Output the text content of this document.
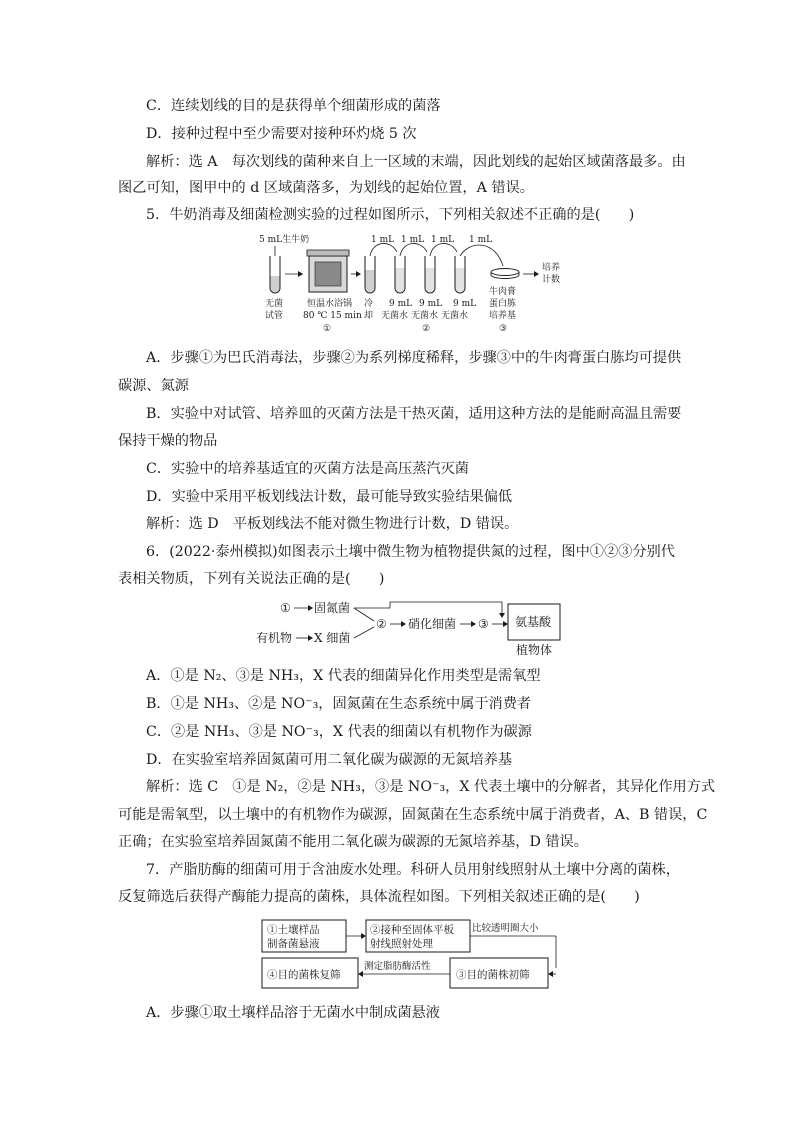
C．连续划线的目的是获得单个细菌形成的菌落
D．接种过程中至少需要对接种环灼烧 5 次
解析：选 A　每次划线的菌种来自上一区域的末端，因此划线的起始区域菌落最多。由
图乙可知，图甲中的 d 区域菌落多，为划线的起始位置，A 错误。
5．牛奶消毒及细菌检测实验的过程如图所示，下列相关叙述不正确的是(　　)
5 mL生牛奶
无菌
试管
恒温水浴锅
80 ℃ 15 min
①
冷
却
1 mL 1 mL 1 mL 1 mL
9 mL 9 mL 9 mL
无菌水 无菌水 无菌水
②
牛肉膏
蛋白胨
培养基
③
培养
计数
A．步骤①为巴氏消毒法，步骤②为系列梯度稀释，步骤③中的牛肉膏蛋白胨均可提供
碳源、氮源
B．实验中对试管、培养皿的灭菌方法是干热灭菌，适用这种方法的是能耐高温且需要
保持干燥的物品
C．实验中的培养基适宜的灭菌方法是高压蒸汽灭菌
D．实验中采用平板划线法计数，最可能导致实验结果偏低
解析：选 D　平板划线法不能对微生物进行计数，D 错误。
6．(2022·泰州模拟)如图表示土壤中微生物为植物提供氮的过程，图中①②③分别代
表相关物质，下列有关说法正确的是(　　)
① 固氮菌
有机物 X 细菌
② 硝化细菌 ③ 氨基酸
植物体
A．①是 N₂、③是 NH₃，X 代表的细菌异化作用类型是需氧型
B．①是 NH₃、②是 NO⁻₃，固氮菌在生态系统中属于消费者
C．②是 NH₃、③是 NO⁻₃，X 代表的细菌以有机物作为碳源
D．在实验室培养固氮菌可用二氧化碳为碳源的无氮培养基
解析：选 C　①是 N₂，②是 NH₃，③是 NO⁻₃，X 代表土壤中的分解者，其异化作用方式
可能是需氧型，以土壤中的有机物作为碳源，固氮菌在生态系统中属于消费者，A、B 错误，C
正确；在实验室培养固氮菌不能用二氧化碳为碳源的无氮培养基，D 错误。
7．产脂肪酶的细菌可用于含油废水处理。科研人员用射线照射从土壤中分离的菌株，
反复筛选后获得产酶能力提高的菌株，具体流程如图。下列相关叙述正确的是(　　)
①土壤样品
制备菌悬液
②接种至固体平板
射线照射处理
比较透明圈大小
③目的菌株初筛
测定脂肪酶活性
④目的菌株复筛
A．步骤①取土壤样品溶于无菌水中制成菌悬液
